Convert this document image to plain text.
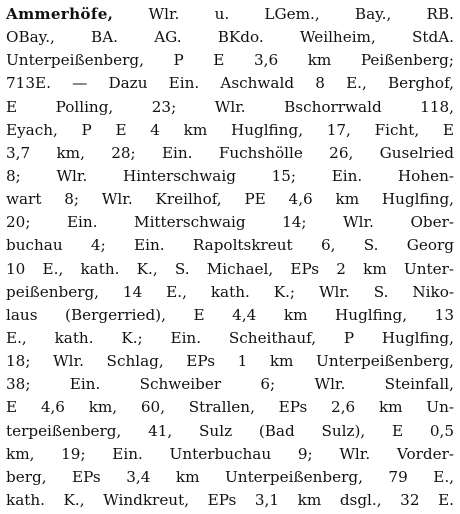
Ammerhöfe, Wlr. u. LGem., Bay., RB.
OBay., BA. AG. BKdo. Weilheim, StdA.
Unterpeißenberg, P E 3,6 km Peißenberg;
713E. — Dazu Ein. Aschwald 8 E., Berghof,
E Polling, 23; Wlr. Bschorrwald 118,
Eyach, P E 4 km Huglfing, 17, Ficht, E
3,7 km, 28; Ein. Fuchshölle 26, Guselried
8; Wlr. Hinterschwaig 15; Ein. Hohen-
wart 8; Wlr. Kreilhof, PE 4,6 km Huglfing,
20; Ein. Mitterschwaig 14; Wlr. Ober-
buchau 4; Ein. Rapoltskreut 6, S. Georg
10 E., kath. K., S. Michael, EPs 2 km Unter-
peißenberg, 14 E., kath. K.; Wlr. S. Niko-
laus (Bergerried), E 4,4 km Huglfing, 13
E., kath. K.; Ein. Scheithauf, P Huglfing,
18; Wlr. Schlag, EPs 1 km Unterpeißenberg,
38; Ein. Schweiber 6; Wlr. Steinfall,
E 4,6 km, 60, Strallen, EPs 2,6 km Un-
terpeißenberg, 41, Sulz (Bad Sulz), E 0,5
km, 19; Ein. Unterbuchau 9; Wlr. Vorder-
berg, EPs 3,4 km Unterpeißenberg, 79 E.,
kath. K., Windkreut, EPs 3,1 km dsgl., 32 E.
